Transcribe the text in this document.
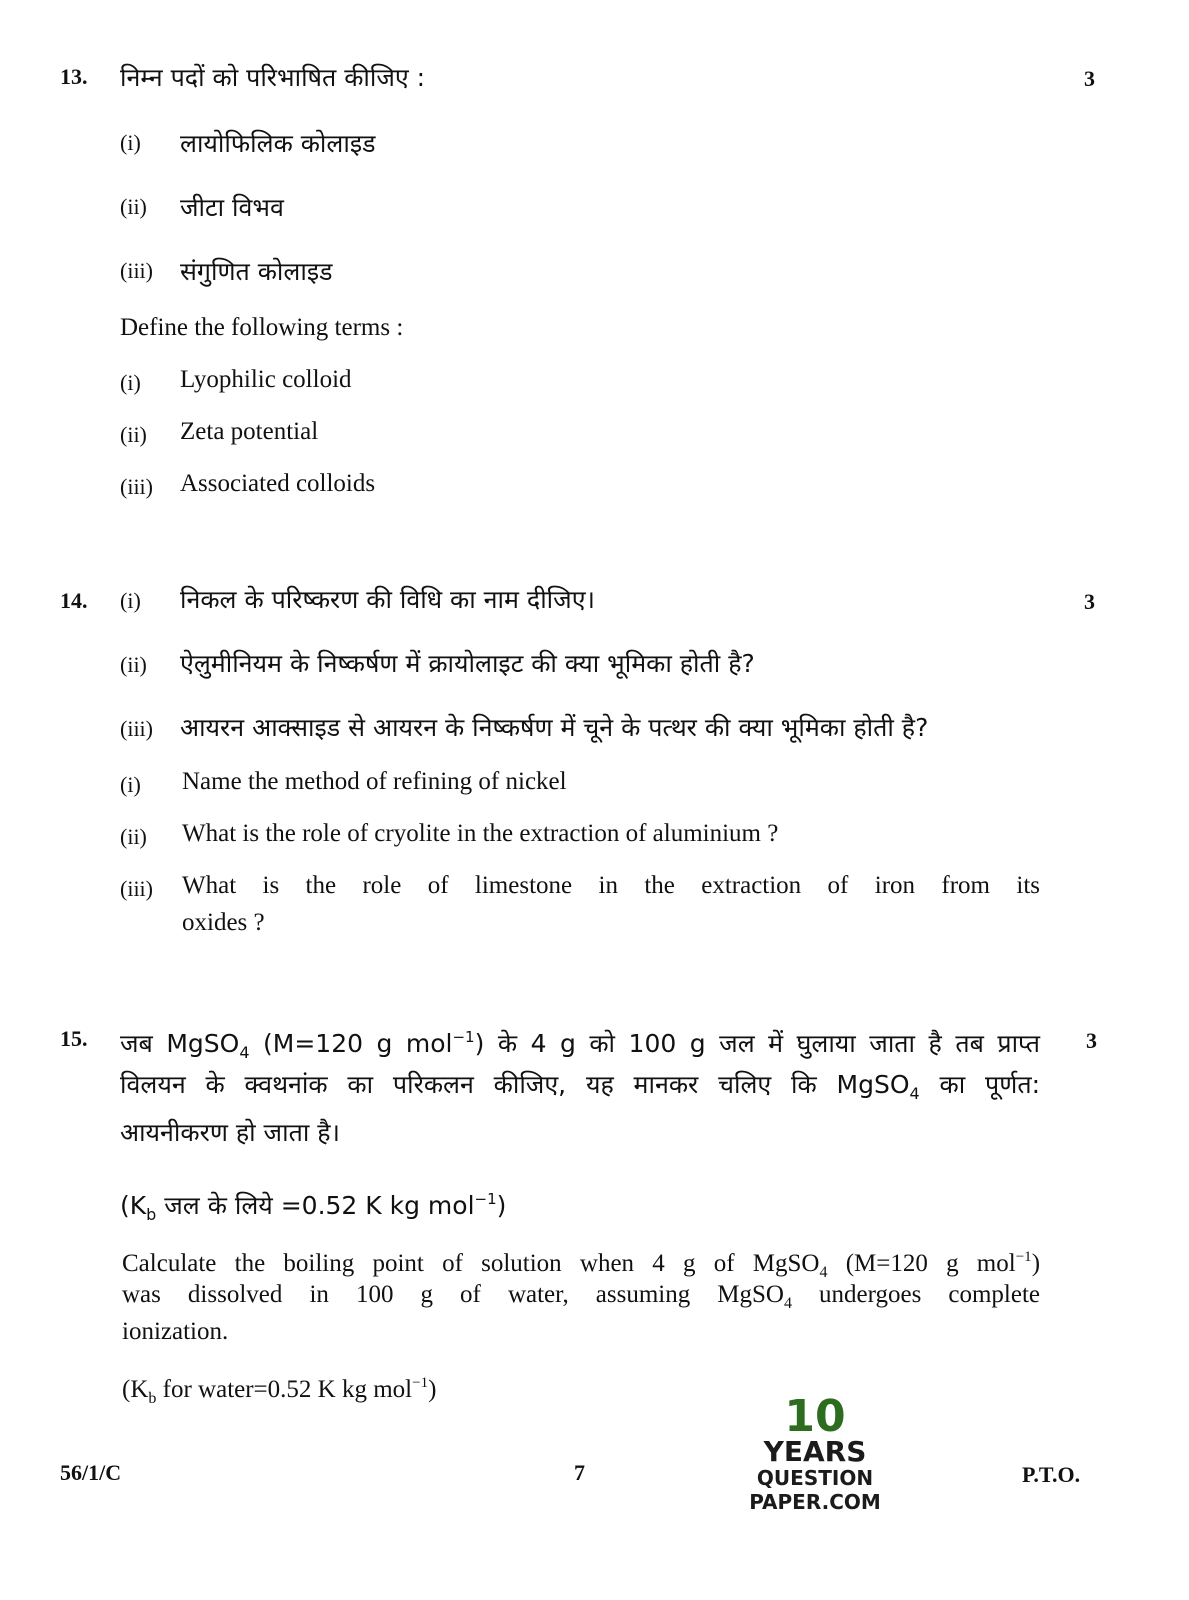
13. निम्न पदों को परिभाषित कीजिए :	3
(i) लायोफिलिक कोलाइड
(ii) जीटा विभव
(iii) संगुणित कोलाइड
Define the following terms :
(i) Lyophilic colloid
(ii) Zeta potential
(iii) Associated colloids
14. (i) निकल के परिष्करण की विधि का नाम दीजिए।	3
(ii) ऐलुमीनियम के निष्कर्षण में क्रायोलाइट की क्या भूमिका होती है?
(iii) आयरन आक्साइड से आयरन के निष्कर्षण में चूने के पत्थर की क्या भूमिका होती है?
(i) Name the method of refining of nickel
(ii) What is the role of cryolite in the extraction of aluminium ?
(iii) What is the role of limestone in the extraction of iron from its
oxides ?
15.	3
जब MgSO$_4$ (M=120 g mol$^{-1}$) के 4 g को 100 g जल में घुलाया जाता है तब प्राप्त
विलयन के क्वथनांक का परिकलन कीजिए, यह मानकर चलिए कि MgSO$_4$ का पूर्णत:
आयनीकरण हो जाता है।
($K_b$ जल के लिये =0.52 K kg mol$^{-1}$)
Calculate the boiling point of solution when 4 g of MgSO$_4$ (M=120 g mol$^{-1}$)
was dissolved in 100 g of water, assuming MgSO$_4$ undergoes complete
ionization.
($K_b$ for water=0.52 K kg mol$^{-1}$)
10
YEARS
QUESTION PAPER.COM
56/1/C	7	P.T.O.
